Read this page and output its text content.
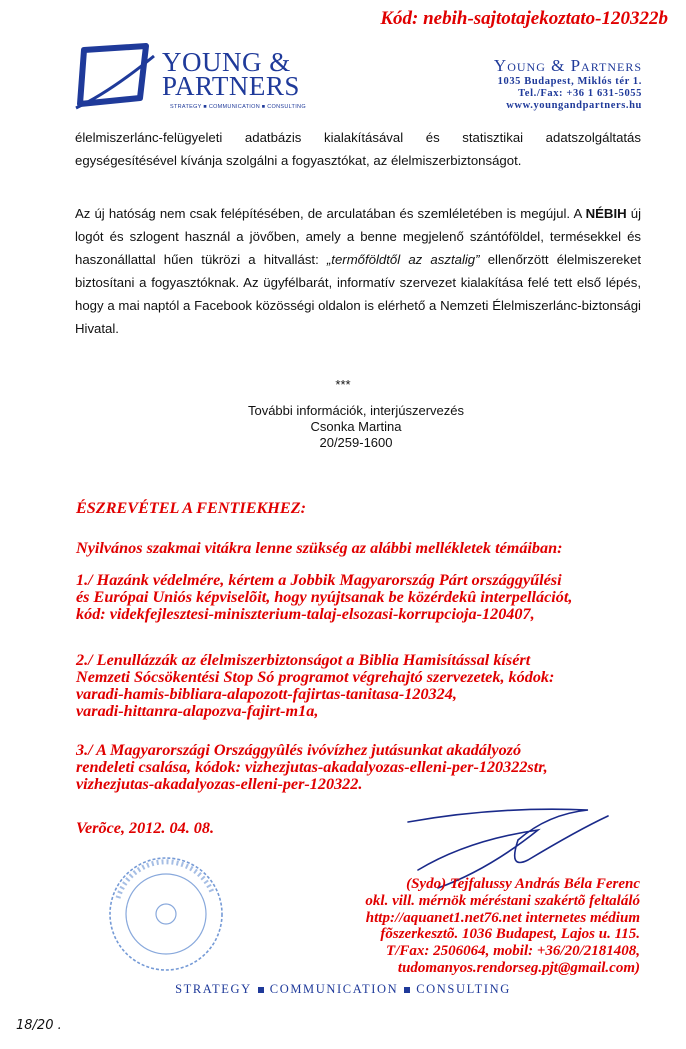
Kód: nebih-sajtotajekoztato-120322b
YOUNG &
PARTNERS
STRATEGY ■ COMMUNICATION ■ CONSULTING
Young & Partners
1035 Budapest, Miklós tér 1.
Tel./Fax: +36 1 631-5055
www.youngandpartners.hu
élelmiszerlánc-felügyeleti adatbázis kialakításával és statisztikai adatszolgáltatás egységesítésével kívánja szolgálni a fogyasztókat, az élelmiszerbiztonságot.
Az új hatóság nem csak felépítésében, de arculatában és szemléletében is megújul. A NÉBIH új logót és szlogent használ a jövőben, amely a benne megjelenő szántóföldel, termésekkel és haszonállattal hűen tükrözi a hitvallást: „termőföldtől az asztalig” ellenőrzött élelmiszereket biztosítani a fogyasztóknak. Az ügyfélbarát, informatív szervezet kialakítása felé tett első lépés, hogy a mai naptól a Facebook közösségi oldalon is elérhető a Nemzeti Élelmiszerlánc-biztonsági Hivatal.
***
További információk, interjúszervezés
Csonka Martina
20/259-1600
ÉSZREVÉTEL A FENTIEKHEZ:
Nyilvános szakmai vitákra lenne szükség az alábbi mellékletek témáiban:
1./ Hazánk védelmére, kértem a Jobbik Magyarország Párt országgyűlési
és Európai Uniós képviselõit, hogy nyújtsanak be közérdekû interpellációt,
kód: videkfejlesztesi-miniszterium-talaj-elsozasi-korrupcioja-120407,
2./ Lenullázzák az élelmiszerbiztonságot a Biblia Hamisítással kísért
Nemzeti Sócsökentési Stop Só programot végrehajtó szervezetek, kódok:
varadi-hamis-bibliara-alapozott-fajirtas-tanitasa-120324,
varadi-hittanra-alapozva-fajirt-m1a,
3./ A Magyarországi Országgyûlés ivóvízhez jutásunkat akadályozó
rendeleti csalása, kódok: vizhezjutas-akadalyozas-elleni-per-120322str,
vizhezjutas-akadalyozas-elleni-per-120322.
Verõce, 2012. 04. 08.
(Sydo) Tejfalussy András Béla Ferenc
okl. vill. mérnök méréstani szakértõ feltaláló
http://aquanet1.net76.net internetes médium
fõszerkesztõ. 1036 Budapest, Lajos u. 115.
T/Fax: 2506064, mobil: +36/20/2181408,
tudomanyos.rendorseg.pjt@gmail.com)
STRATEGY COMMUNICATION CONSULTING
18/20 .
